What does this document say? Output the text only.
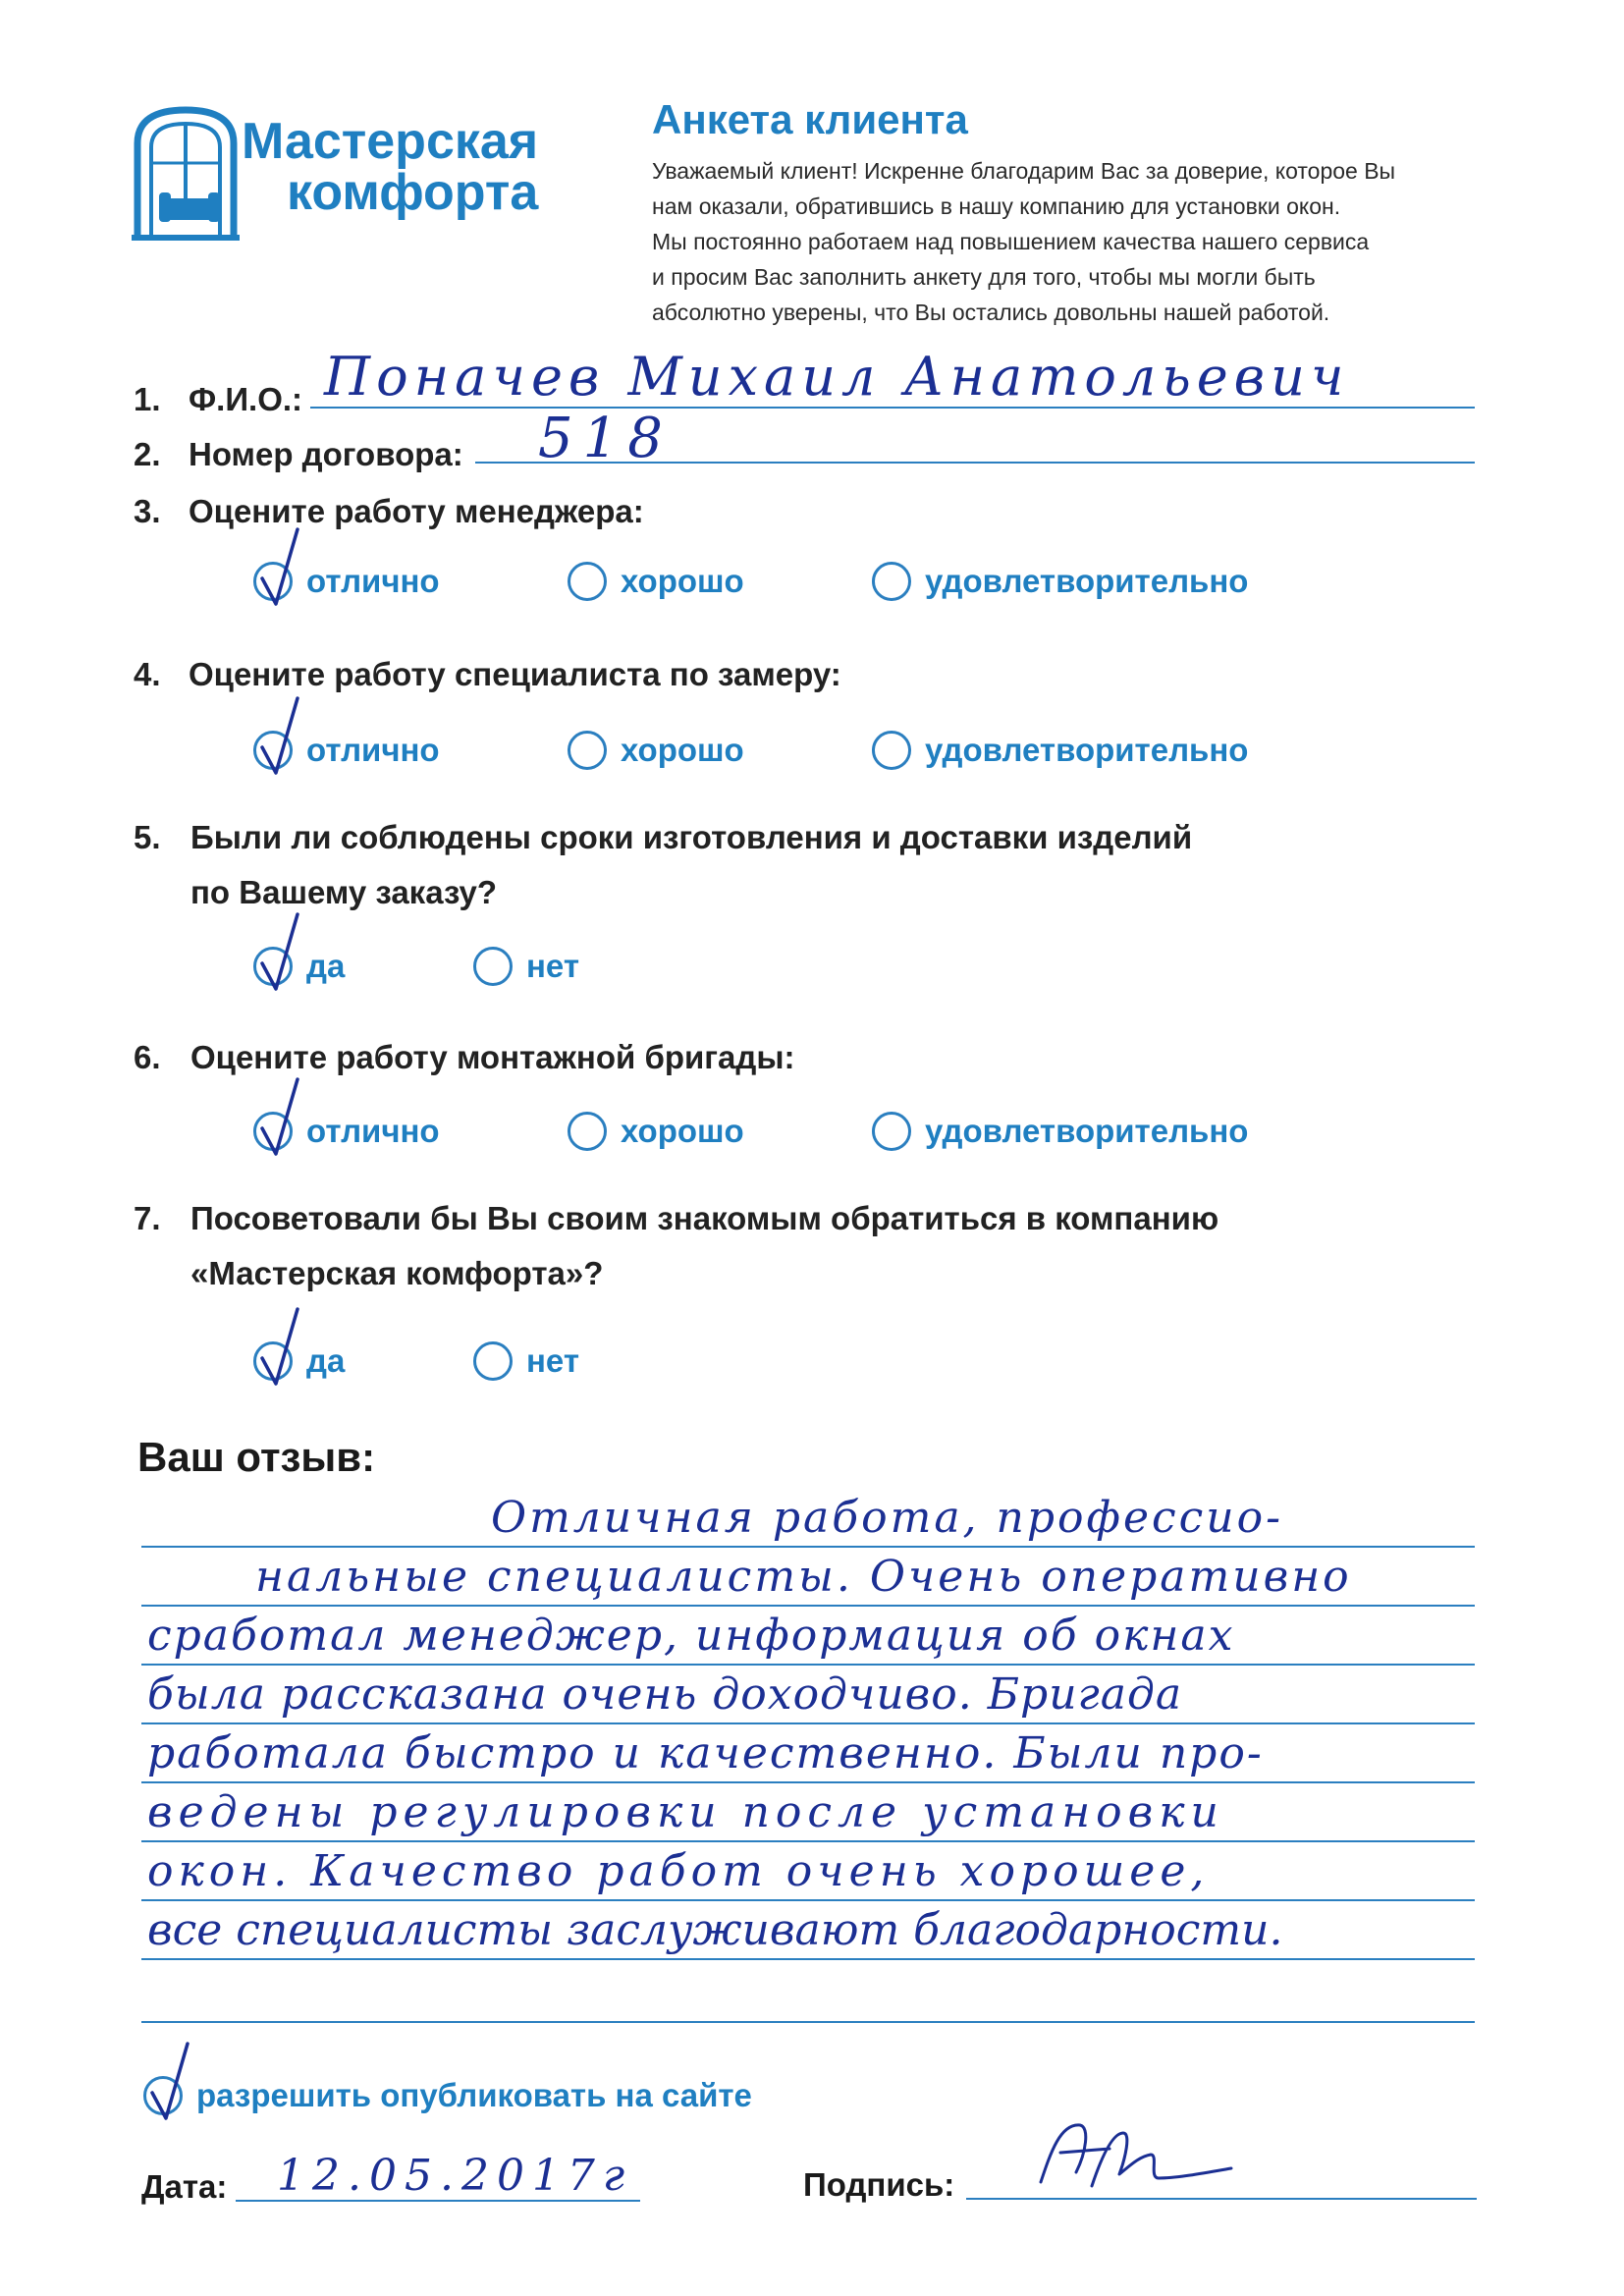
Мастерская
комфорта
Анкета клиента
Уважаемый клиент! Искренне благодарим Вас за доверие, которое Вы
нам оказали, обратившись в нашу компанию для установки окон.
Мы постоянно работаем над повышением качества нашего сервиса
и просим Вас заполнить анкету для того, чтобы мы могли быть
абсолютно уверены, что Вы остались довольны нашей работой.
1. Ф.И.О.: Поначев Михаил Анатольевич
2. Номер договора: 518
3. Оцените работу менеджера:
отлично	хорошо	удовлетворительно
4. Оцените работу специалиста по замеру:
отлично	хорошо	удовлетворительно
5. Были ли соблюдены сроки изготовления и доставки изделий
по Вашему заказу?
да	нет
6. Оцените работу монтажной бригады:
отлично	хорошо	удовлетворительно
7. Посоветовали бы Вы своим знакомым обратиться в компанию
«Мастерская комфорта»?
да	нет
Ваш отзыв:
Отличная работа, профессио-
нальные специалисты. Очень оперативно
сработал менеджер, информация об окнах
была рассказана очень доходчиво. Бригада
работала быстро и качественно. Были про-
ведены регулировки после установки
окон. Качество работ очень хорошее,
все специалисты заслуживают благодарности.
разрешить опубликовать на сайте
Дата: 12.05.2017г	Подпись:
